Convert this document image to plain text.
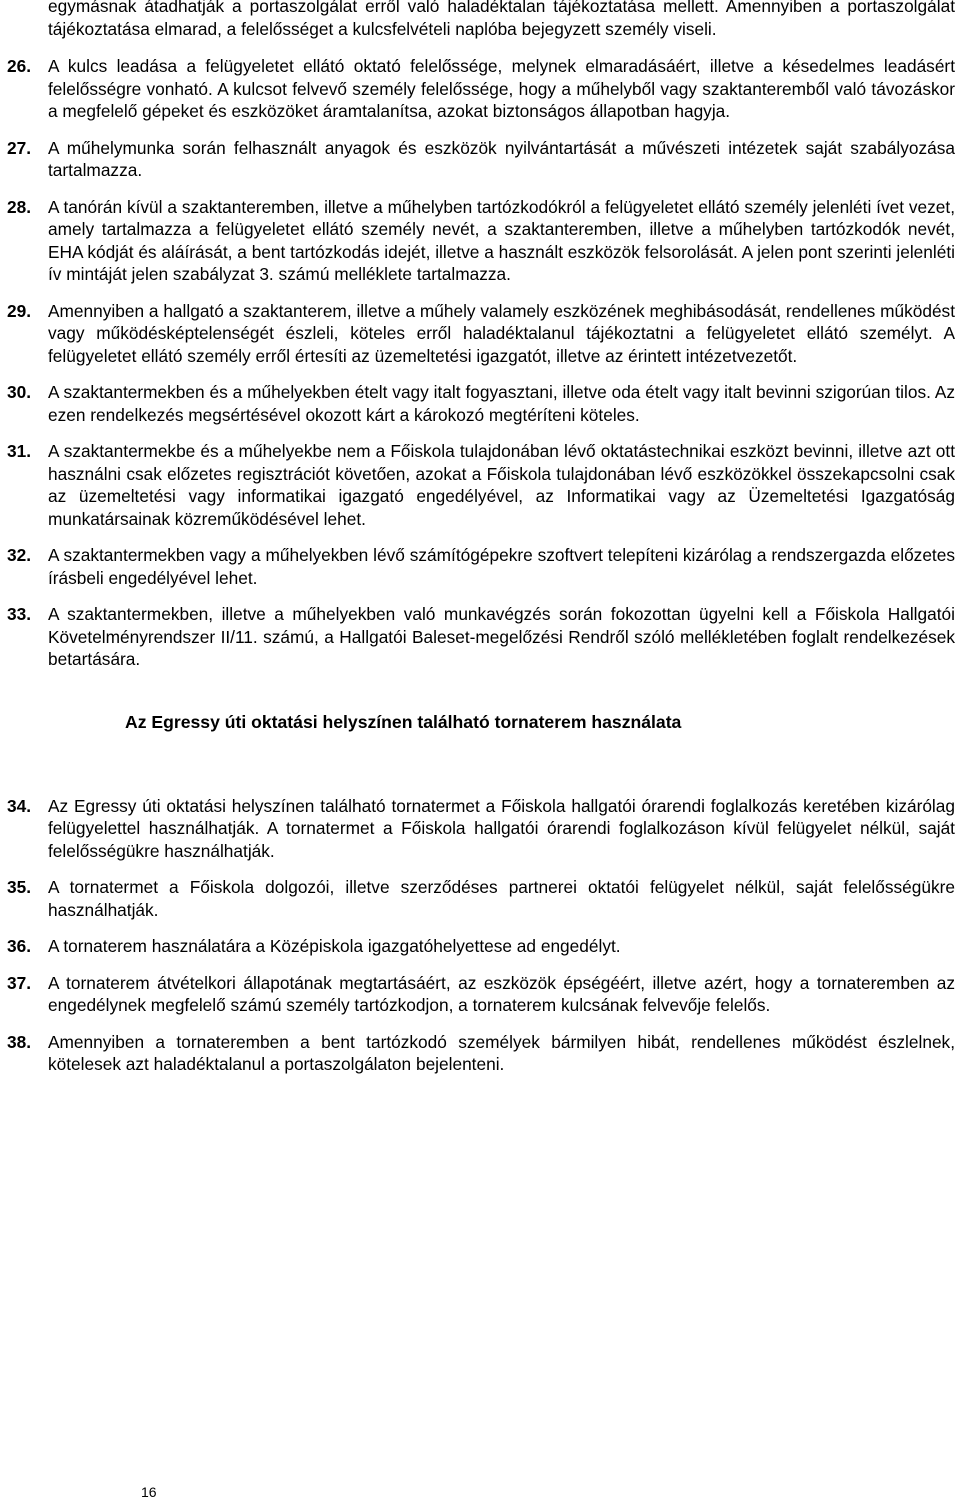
egymásnak átadhatják a portaszolgálat erről való haladéktalan tájékoztatása mellett. Amennyiben a portaszolgálat tájékoztatása elmarad, a felelősséget a kulcsfelvételi naplóba bejegyzett személy viseli.

26. A kulcs leadása a felügyeletet ellátó oktató felelőssége, melynek elmaradásáért, illetve a késedelmes leadásért felelősségre vonható. A kulcsot felvevő személy felelőssége, hogy a műhelyből vagy szaktanteremből való távozáskor a megfelelő gépeket és eszközöket áramtalanítsa, azokat biztonságos állapotban hagyja.

27. A műhelymunka során felhasznált anyagok és eszközök nyilvántartását a művészeti intézetek saját szabályozása tartalmazza.

28. A tanórán kívül a szaktanteremben, illetve a műhelyben tartózkodókról a felügyeletet ellátó személy jelenléti ívet vezet, amely tartalmazza a felügyeletet ellátó személy nevét, a szaktanteremben, illetve a műhelyben tartózkodók nevét, EHA kódját és aláírását, a bent tartózkodás idejét, illetve a használt eszközök felsorolását. A jelen pont szerinti jelenléti ív mintáját jelen szabályzat 3. számú melléklete tartalmazza.

29. Amennyiben a hallgató a szaktanterem, illetve a műhely valamely eszközének meghibásodását, rendellenes működést vagy működésképtelenségét észleli, köteles erről haladéktalanul tájékoztatni a felügyeletet ellátó személyt. A felügyeletet ellátó személy erről értesíti az üzemeltetési igazgatót, illetve az érintett intézetvezetőt.

30. A szaktantermekben és a műhelyekben ételt vagy italt fogyasztani, illetve oda ételt vagy italt bevinni szigorúan tilos. Az ezen rendelkezés megsértésével okozott kárt a károkozó megtéríteni köteles.

31. A szaktantermekbe és a műhelyekbe nem a Főiskola tulajdonában lévő oktatástechnikai eszközt bevinni, illetve azt ott használni csak előzetes regisztrációt követően, azokat a Főiskola tulajdonában lévő eszközökkel összekapcsolni csak az üzemeltetési vagy informatikai igazgató engedélyével, az Informatikai vagy az Üzemeltetési Igazgatóság munkatársainak közreműködésével lehet.

32. A szaktantermekben vagy a műhelyekben lévő számítógépekre szoftvert telepíteni kizárólag a rendszergazda előzetes írásbeli engedélyével lehet.

33. A szaktantermekben, illetve a műhelyekben való munkavégzés során fokozottan ügyelni kell a Főiskola Hallgatói Követelményrendszer II/11. számú, a Hallgatói Baleset-megelőzési Rendről szóló mellékletében foglalt rendelkezések betartására.

Az Egressy úti oktatási helyszínen található tornaterem használata

34. Az Egressy úti oktatási helyszínen található tornatermet a Főiskola hallgatói órarendi foglalkozás keretében kizárólag felügyelettel használhatják. A tornatermet a Főiskola hallgatói órarendi foglalkozáson kívül felügyelet nélkül, saját felelősségükre használhatják.

35. A tornatermet a Főiskola dolgozói, illetve szerződéses partnerei oktatói felügyelet nélkül, saját felelősségükre használhatják.

36. A tornaterem használatára a Középiskola igazgatóhelyettese ad engedélyt.

37. A tornaterem átvételkori állapotának megtartásáért, az eszközök épségéért, illetve azért, hogy a tornateremben az engedélynek megfelelő számú személy tartózkodjon, a tornaterem kulcsának felvevője felelős.

38. Amennyiben a tornateremben a bent tartózkodó személyek bármilyen hibát, rendellenes működést észlelnek, kötelesek azt haladéktalanul a portaszolgálaton bejelenteni.

16
